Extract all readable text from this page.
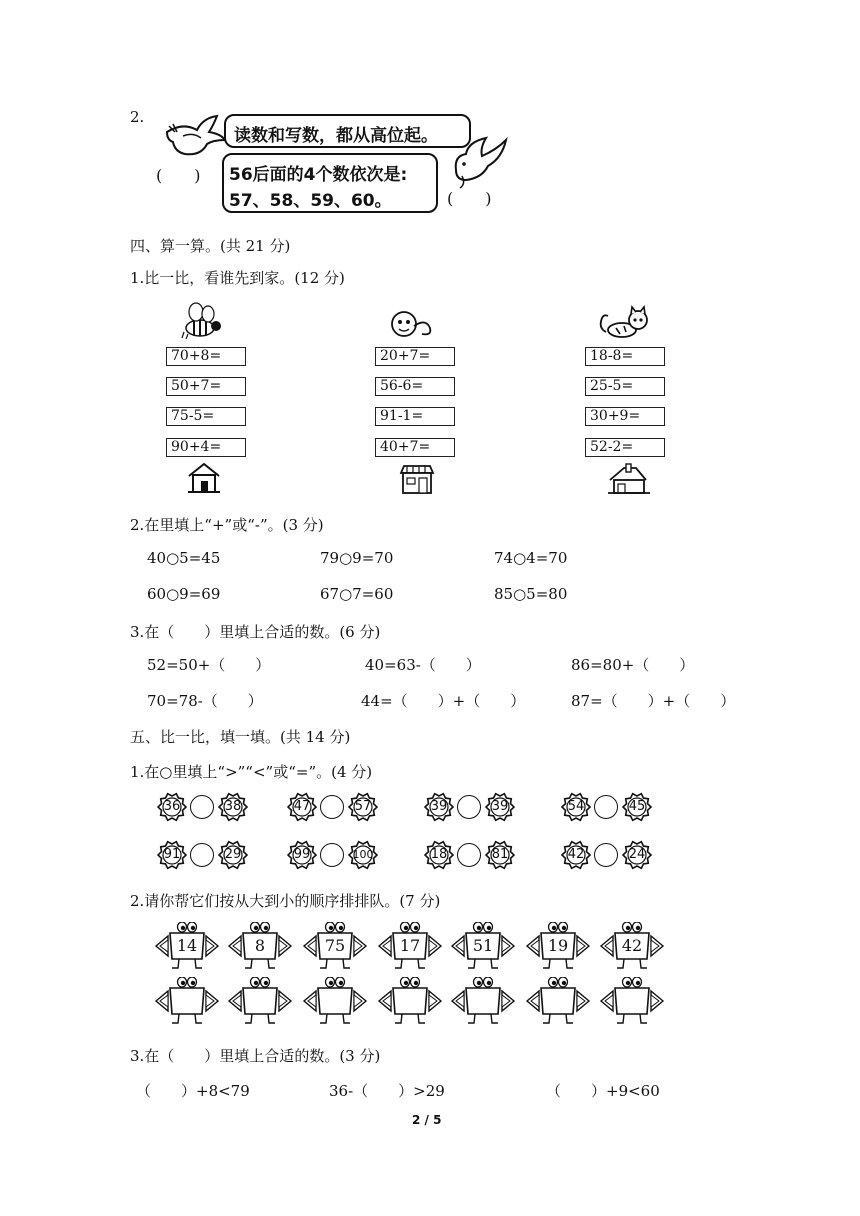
2.
(　　)
读数和写数，都从高位起。
56后面的4个数依次是:
57、58、59、60。	(　　)
四、算一算。(共 21 分)
1.比一比，看谁先到家。(12 分)
70+8=
50+7=
75-5=
90+4=
20+7=
56-6=
91-1=
40+7=
18-8=
25-5=
30+9=
52-2=
2.在里填上“+”或“-”。(3 分)
40○5=45	79○9=70	74○4=70
60○9=69	67○7=60	85○5=80
3.在（　　）里填上合适的数。(6 分)
52=50+（　　）	40=63-（　　）	86=80+（　　）
70=78-（　　）	44=（　　）+（　　）	87=（　　）+（　　）
五、比一比，填一填。(共 14 分)
1.在○里填上“>”“<”或“=”。(4 分)
36	38	47	57	39	39	54	45
91	29	99	100	18	81	42	24
2.请你帮它们按从大到小的顺序排排队。(7 分)
14	8	75	17	51	19	42
3.在（　　）里填上合适的数。(3 分)
（　　）+8<79	36-（　　）>29	（　　）+9<60
2 / 5
